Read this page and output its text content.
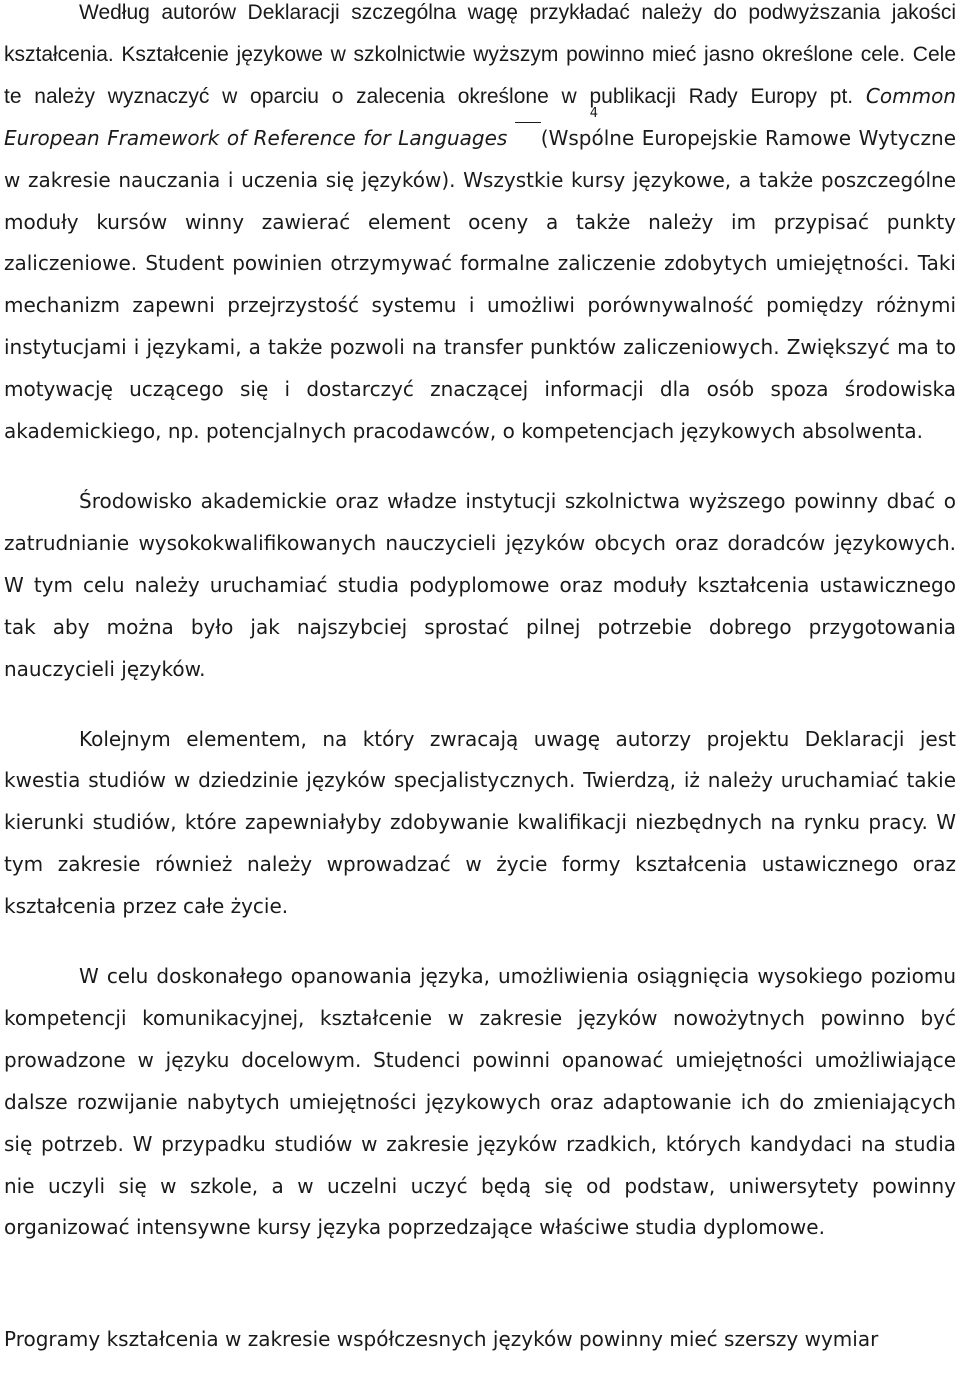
Według autorów Deklaracji szczególna wagę przykładać należy do podwyższania jakości kształcenia. Kształcenie językowe w szkolnictwie wyższym powinno mieć jasno określone cele. Cele te należy wyznaczyć w oparciu o zalecenia określone w publikacji Rady Europy pt. Common European Framework of Reference for Languages
4
(Wspólne Europejskie Ramowe Wytyczne w zakresie nauczania i uczenia się języków). Wszystkie kursy językowe, a także poszczególne moduły kursów winny zawierać element oceny a także należy im przypisać punkty zaliczeniowe. Student powinien otrzymywać formalne zaliczenie zdobytych umiejętności. Taki mechanizm zapewni przejrzystość systemu i umożliwi porównywalność pomiędzy różnymi instytucjami i językami, a także pozwoli na transfer punktów zaliczeniowych. Zwiększyć ma to motywację uczącego się i dostarczyć znaczącej informacji dla osób spoza środowiska akademickiego, np. potencjalnych pracodawców, o kompetencjach językowych absolwenta.

Środowisko akademickie oraz władze instytucji szkolnictwa wyższego powinny dbać o zatrudnianie wysokokwalifikowanych nauczycieli języków obcych oraz doradców językowych. W tym celu należy uruchamiać studia podyplomowe oraz moduły kształcenia ustawicznego tak aby można było jak najszybciej sprostać pilnej potrzebie dobrego przygotowania nauczycieli języków.

Kolejnym elementem, na który zwracają uwagę autorzy projektu Deklaracji jest kwestia studiów w dziedzinie języków specjalistycznych. Twierdzą, iż należy uruchamiać takie kierunki studiów, które zapewniałyby zdobywanie kwalifikacji niezbędnych na rynku pracy. W tym zakresie również należy wprowadzać w życie formy kształcenia ustawicznego oraz kształcenia przez całe życie.

W celu doskonałego opanowania języka, umożliwienia osiągnięcia wysokiego poziomu kompetencji komunikacyjnej, kształcenie w zakresie języków nowożytnych powinno być prowadzone w języku docelowym. Studenci powinni opanować umiejętności umożliwiające dalsze rozwijanie nabytych umiejętności językowych oraz adaptowanie ich do zmieniających się potrzeb. W przypadku studiów w zakresie języków rzadkich, których kandydaci na studia nie uczyli się w szkole, a w uczelni uczyć będą się od podstaw, uniwersytety powinny organizować intensywne kursy języka poprzedzające właściwe studia dyplomowe.

Programy kształcenia w zakresie współczesnych języków powinny mieć szerszy wymiar
